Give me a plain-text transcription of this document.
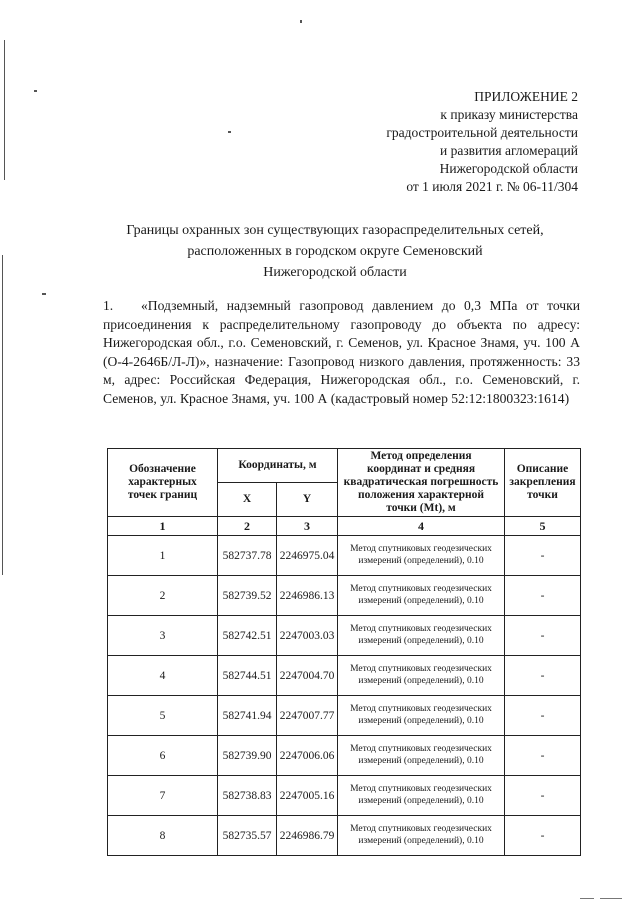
ПРИЛОЖЕНИЕ 2
к приказу министерства
градостроительной деятельности
и развития агломераций
Нижегородской области
от 1 июля 2021 г. № 06-11/304
Границы охранных зон существующих газораспределительных сетей,
расположенных в городском округе Семеновский
Нижегородской области

1. «Подземный, надземный газопровод давлением до 0,3 МПа от точки присоединения к распределительному газопроводу до объекта по адресу: Нижегородская обл., г.о. Семеновский, г. Семенов, ул. Красное Знамя, уч. 100 А (О-4-2646Б/Л-Л)», назначение: Газопровод низкого давления, протяженность: 33 м, адрес: Российская Федерация, Нижегородская обл., г.о. Семеновский, г. Семенов, ул. Красное Знамя, уч. 100 А (кадастровый номер 52:12:1800323:1614)

Обозначение характерных точек границ	Координаты, м		Метод определения координат и средняя квадратическая погрешность положения характерной точки (Mt), м	Описание закрепления точки
	X	Y		
1	2	3	4	5
1	582737.78	2246975.04	Метод спутниковых геодезических измерений (определений), 0.10	-
2	582739.52	2246986.13	Метод спутниковых геодезических измерений (определений), 0.10	-
3	582742.51	2247003.03	Метод спутниковых геодезических измерений (определений), 0.10	-
4	582744.51	2247004.70	Метод спутниковых геодезических измерений (определений), 0.10	-
5	582741.94	2247007.77	Метод спутниковых геодезических измерений (определений), 0.10	-
6	582739.90	2247006.06	Метод спутниковых геодезических измерений (определений), 0.10	-
7	582738.83	2247005.16	Метод спутниковых геодезических измерений (определений), 0.10	-
8	582735.57	2246986.79	Метод спутниковых геодезических измерений (определений), 0.10	-
